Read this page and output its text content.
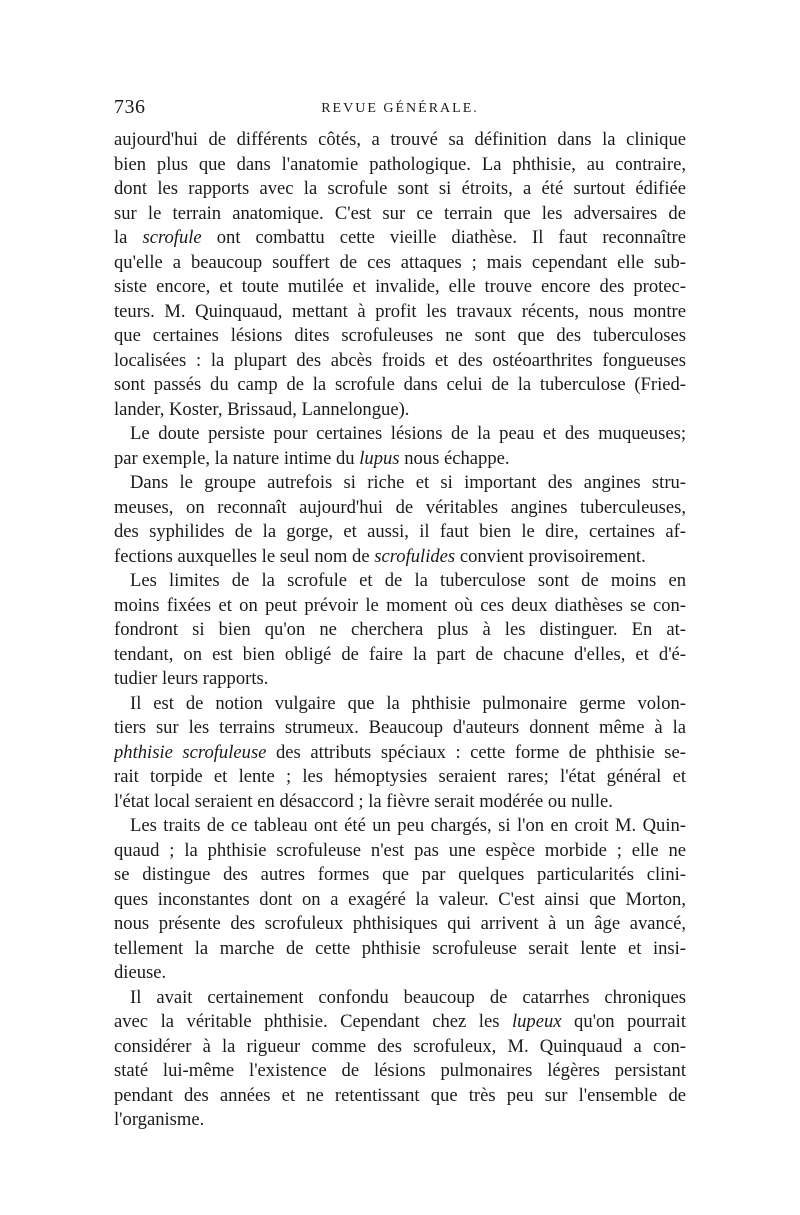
736	REVUE GÉNÉRALE.
aujourd'hui de différents côtés, a trouvé sa définition dans la clinique
bien plus que dans l'anatomie pathologique. La phthisie, au contraire,
dont les rapports avec la scrofule sont si étroits, a été surtout édifiée
sur le terrain anatomique. C'est sur ce terrain que les adversaires de
la scrofule ont combattu cette vieille diathèse. Il faut reconnaître
qu'elle a beaucoup souffert de ces attaques ; mais cependant elle sub-
siste encore, et toute mutilée et invalide, elle trouve encore des protec-
teurs. M. Quinquaud, mettant à profit les travaux récents, nous montre
que certaines lésions dites scrofuleuses ne sont que des tuberculoses
localisées : la plupart des abcès froids et des ostéoarthrites fongueuses
sont passés du camp de la scrofule dans celui de la tuberculose (Fried-
lander, Koster, Brissaud, Lannelongue).
Le doute persiste pour certaines lésions de la peau et des muqueuses;
par exemple, la nature intime du lupus nous échappe.
Dans le groupe autrefois si riche et si important des angines stru-
meuses, on reconnaît aujourd'hui de véritables angines tuberculeuses,
des syphilides de la gorge, et aussi, il faut bien le dire, certaines af-
fections auxquelles le seul nom de scrofulides convient provisoirement.
Les limites de la scrofule et de la tuberculose sont de moins en
moins fixées et on peut prévoir le moment où ces deux diathèses se con-
fondront si bien qu'on ne cherchera plus à les distinguer. En at-
tendant, on est bien obligé de faire la part de chacune d'elles, et d'é-
tudier leurs rapports.
Il est de notion vulgaire que la phthisie pulmonaire germe volon-
tiers sur les terrains strumeux. Beaucoup d'auteurs donnent même à la
phthisie scrofuleuse des attributs spéciaux : cette forme de phthisie se-
rait torpide et lente ; les hémoptysies seraient rares; l'état général et
l'état local seraient en désaccord ; la fièvre serait modérée ou nulle.
Les traits de ce tableau ont été un peu chargés, si l'on en croit M. Quin-
quaud ; la phthisie scrofuleuse n'est pas une espèce morbide ; elle ne
se distingue des autres formes que par quelques particularités clini-
ques inconstantes dont on a exagéré la valeur. C'est ainsi que Morton,
nous présente des scrofuleux phthisiques qui arrivent à un âge avancé,
tellement la marche de cette phthisie scrofuleuse serait lente et insi-
dieuse.
Il avait certainement confondu beaucoup de catarrhes chroniques
avec la véritable phthisie. Cependant chez les lupeux qu'on pourrait
considérer à la rigueur comme des scrofuleux, M. Quinquaud a con-
staté lui-même l'existence de lésions pulmonaires légères persistant
pendant des années et ne retentissant que très peu sur l'ensemble de
l'organisme.
